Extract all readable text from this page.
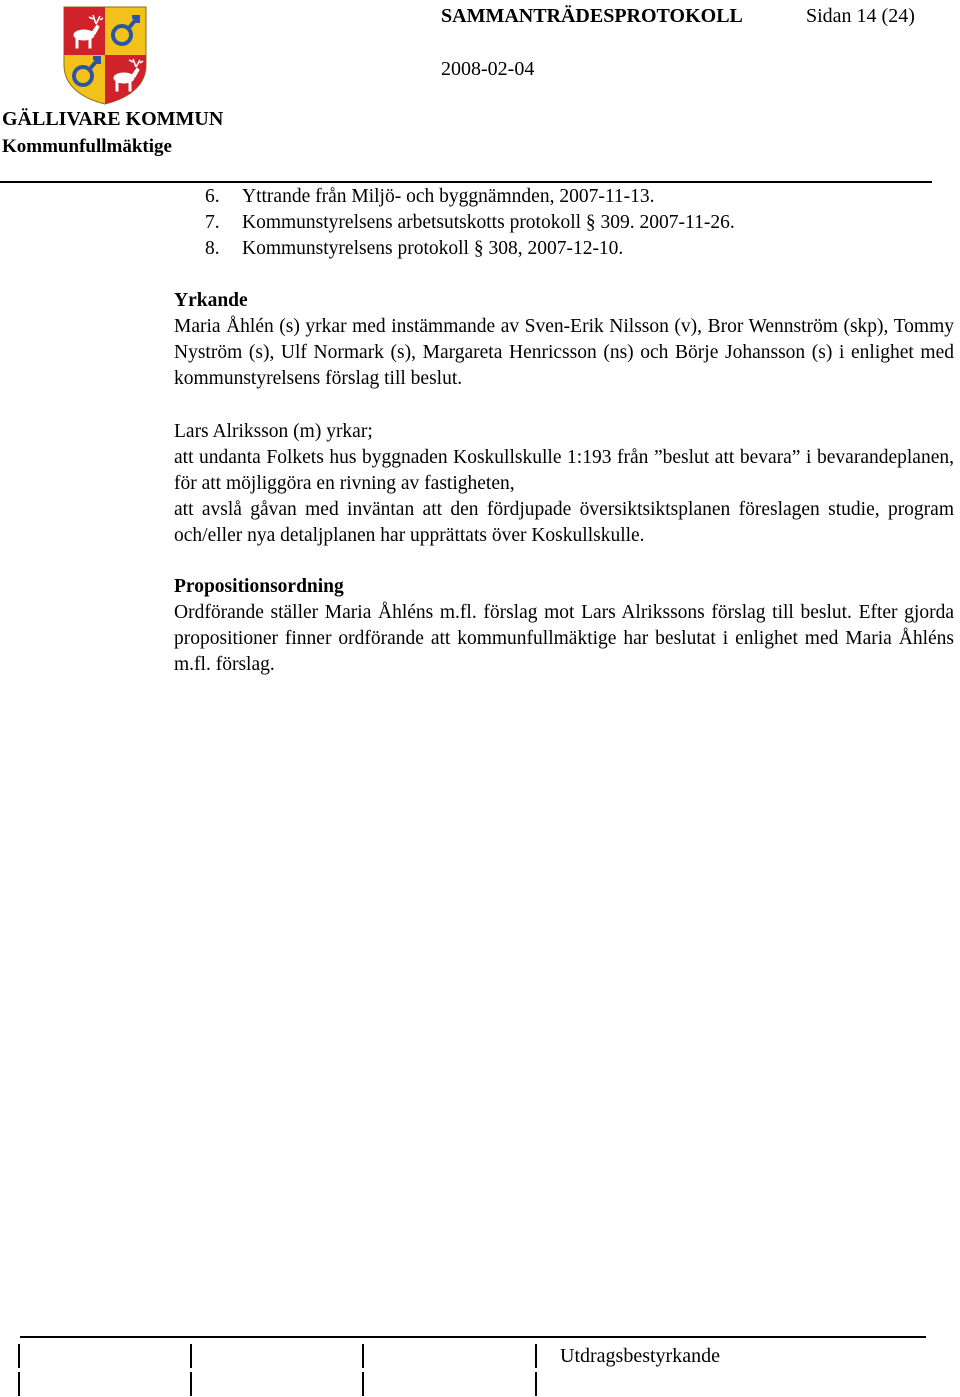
GÄLLIVARE KOMMUN
Kommunfullmäktige
SAMMANTRÄDESPROTOKOLL	Sidan 14 (24)
2008-02-04
6.	Yttrande från Miljö- och byggnämnden, 2007-11-13.
7.	Kommunstyrelsens arbetsutskotts protokoll § 309. 2007-11-26.
8.	Kommunstyrelsens protokoll § 308, 2007-12-10.
Yrkande

Maria Åhlén (s) yrkar med instämmande av Sven-Erik Nilsson (v), Bror Wennström (skp), Tommy Nyström (s), Ulf Normark (s), Margareta Henricsson (ns) och Börje Johansson (s) i enlighet med kommunstyrelsens förslag till beslut.

Lars Alriksson (m) yrkar;

att undanta Folkets hus byggnaden Koskullskulle 1:193 från ”beslut att bevara” i bevarandeplanen, för att möjliggöra en rivning av fastigheten,

att avslå gåvan med inväntan att den fördjupade översiktsiktsplanen föreslagen studie, program och/eller nya detaljplanen har upprättats över Koskullskulle.

Propositionsordning

Ordförande ställer Maria Åhléns m.fl. förslag mot Lars Alrikssons förslag till beslut. Efter gjorda propositioner finner ordförande att kommunfullmäktige har beslutat i enlighet med Maria Åhléns m.fl. förslag.

Utdragsbestyrkande
